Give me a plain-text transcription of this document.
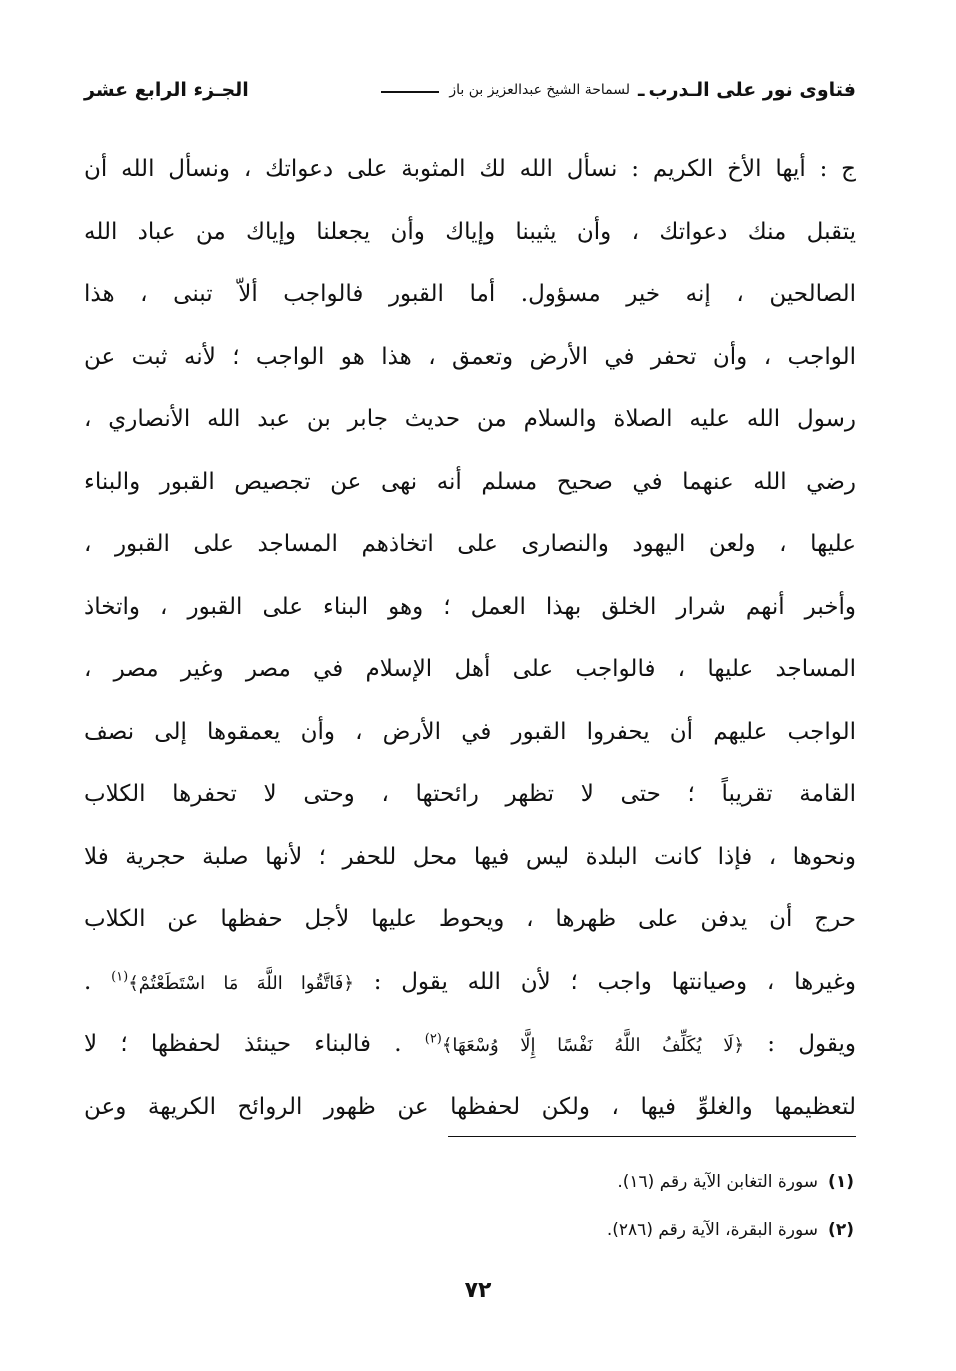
فتاوى نور على الـدرب
ـ
لسماحة الشيخ عبدالعزيز بن باز
الجـزء الرابع عشر
ج : أيها الأخ الكريم : نسأل الله لك المثوبة على دعواتك ، ونسأل الله أن
يتقبل منك دعواتك ، وأن يثيبنا وإياك وأن يجعلنا وإياك من عباد الله
الصالحين ، إنه خير مسؤول. أما القبور فالواجب ألاّ تبنى ، هذا
الواجب ، وأن تحفر في الأرض وتعمق ، هذا هو الواجب ؛ لأنه ثبت عن
رسول الله عليه الصلاة والسلام من حديث جابر بن عبد الله الأنصاري ،
رضي الله عنهما في صحيح مسلم أنه نهى عن تجصيص القبور والبناء
عليها ، ولعن اليهود والنصارى على اتخاذهم المساجد على القبور ،
وأخبر أنهم شرار الخلق بهذا العمل ؛ وهو البناء على القبور ، واتخاذ
المساجد عليها ، فالواجب على أهل الإسلام في مصر وغير مصر ،
الواجب عليهم أن يحفروا القبور في الأرض ، وأن يعمقوها إلى نصف
القامة تقريباً ؛ حتى لا تظهر رائحتها ، وحتى لا تحفرها الكلاب
ونحوها ، فإذا كانت البلدة ليس فيها محل للحفر ؛ لأنها صلبة حجرية فلا
حرج أن يدفن على ظهرها ، ويحوط عليها لأجل حفظها عن الكلاب
وغيرها ، وصيانتها واجب ؛ لأن الله يقول : ﴿فَاتَّقُوا اللَّهَ مَا اسْتَطَعْتُمْ﴾$^{(١)}$ .
ويقول : ﴿لَا يُكَلِّفُ اللَّهُ نَفْسًا إِلَّا وُسْعَهَا﴾$^{(٢)}$ . فالبناء حينئذ لحفظها ؛ لا
لتعظيمها والغلوِّ فيها ، ولكن لحفظها عن ظهور الروائح الكريهة وعن
(١)سورة التغابن الآية رقم (١٦).
(٢)سورة البقرة، الآية رقم (٢٨٦).
٧٢
